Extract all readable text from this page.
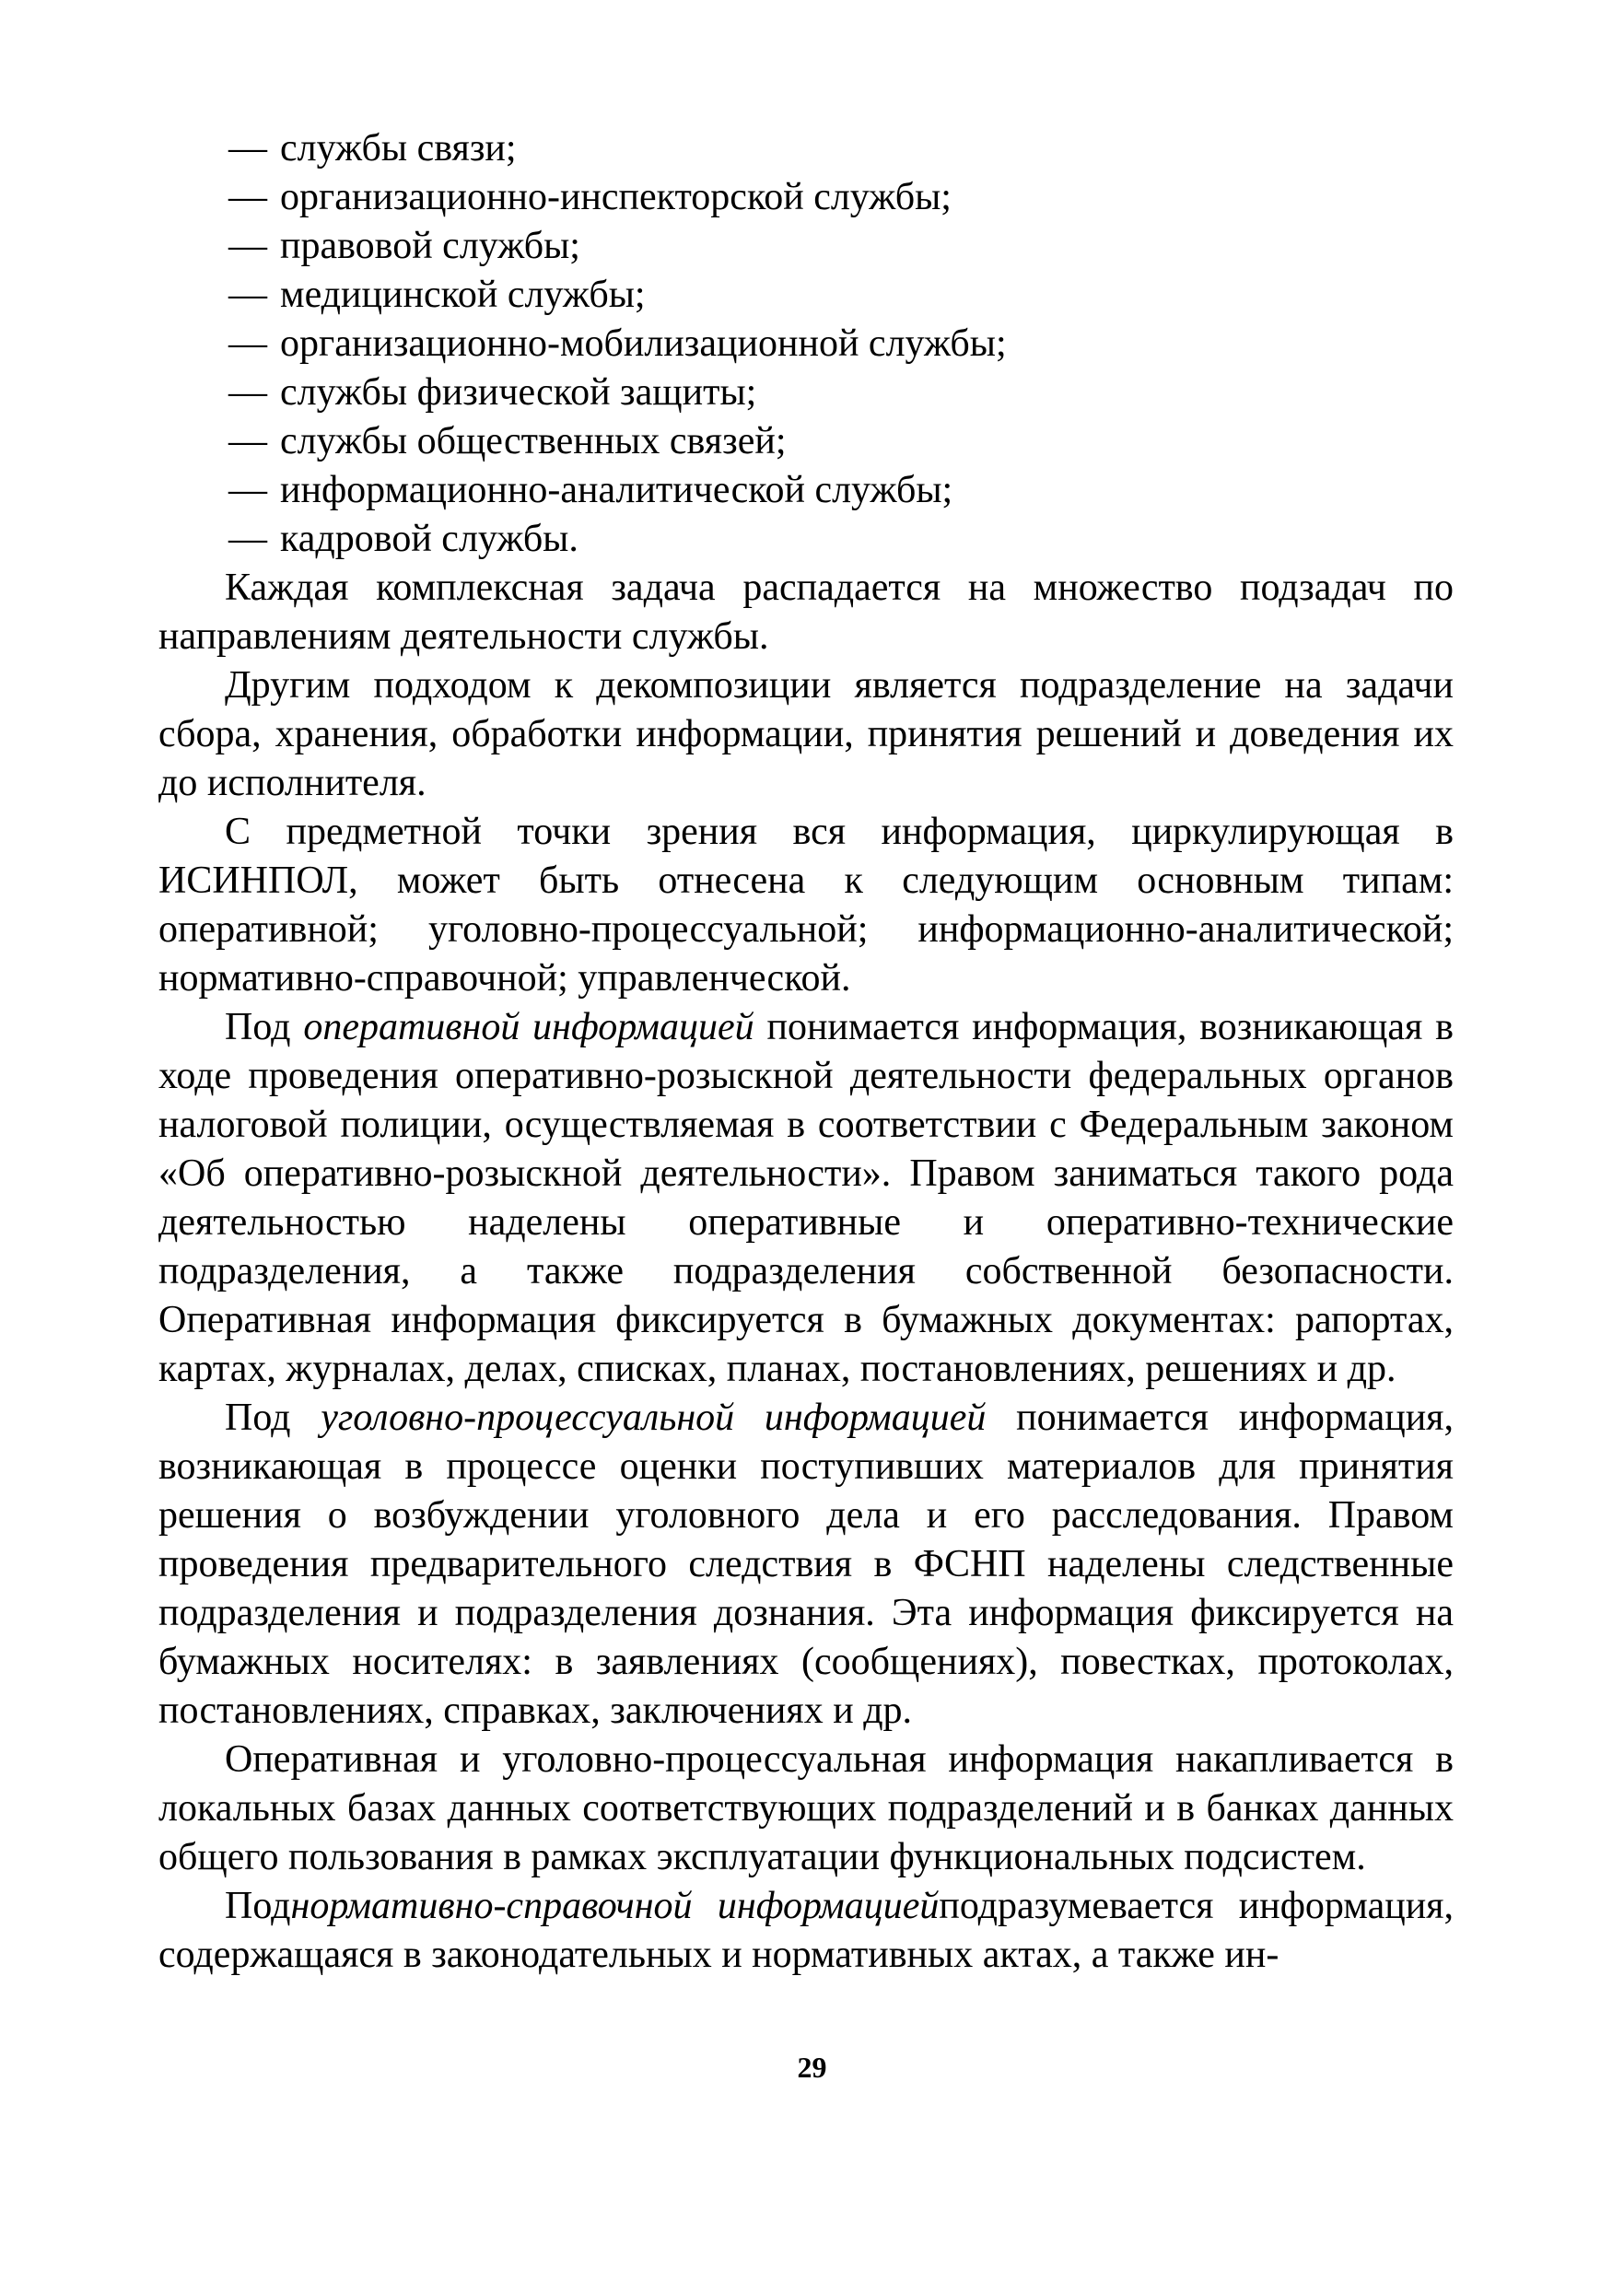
— службы связи;
— организационно-инспекторской службы;
— правовой службы;
— медицинской службы;
— организационно-мобилизационной службы;
— службы физической защиты;
— службы общественных связей;
— информационно-аналитической службы;
— кадровой службы.

Каждая комплексная задача распадается на множество подзадач по направлениям деятельности службы.

Другим подходом к декомпозиции является подразделение на задачи сбора, хранения, обработки информации, принятия решений и доведения их до исполнителя.

С предметной точки зрения вся информация, циркулирующая в ИСИНПОЛ, может быть отнесена к следующим основным типам: оперативной; уголовно-процессуальной; информационно-аналитической; нормативно-справочной; управленческой.

Под оперативной информацией понимается информация, возникающая в ходе проведения оперативно-розыскной деятельности федеральных органов налоговой полиции, осуществляемая в соответствии с Федеральным законом «Об оперативно-розыскной деятельности». Правом заниматься такого рода деятельностью наделены оперативные и оперативно-технические подразделения, а также подразделения собственной безопасности. Оперативная информация фиксируется в бумажных документах: рапортах, картах, журналах, делах, списках, планах, постановлениях, решениях и др.

Под уголовно-процессуальной информацией понимается информация, возникающая в процессе оценки поступивших материалов для принятия решения о возбуждении уголовного дела и его расследования. Правом проведения предварительного следствия в ФСНП наделены следственные подразделения и подразделения дознания. Эта информация фиксируется на бумажных носителях: в заявлениях (сообщениях), повестках, протоколах, постановлениях, справках, заключениях и др.

Оперативная и уголовно-процессуальная информация накапливается в локальных базах данных соответствующих подразделений и в банках данных общего пользования в рамках эксплуатации функциональных подсистем.

Поднормативно-справочной информациейподразумевается информация, содержащаяся в законодательных и нормативных актах, а также ин-

29
